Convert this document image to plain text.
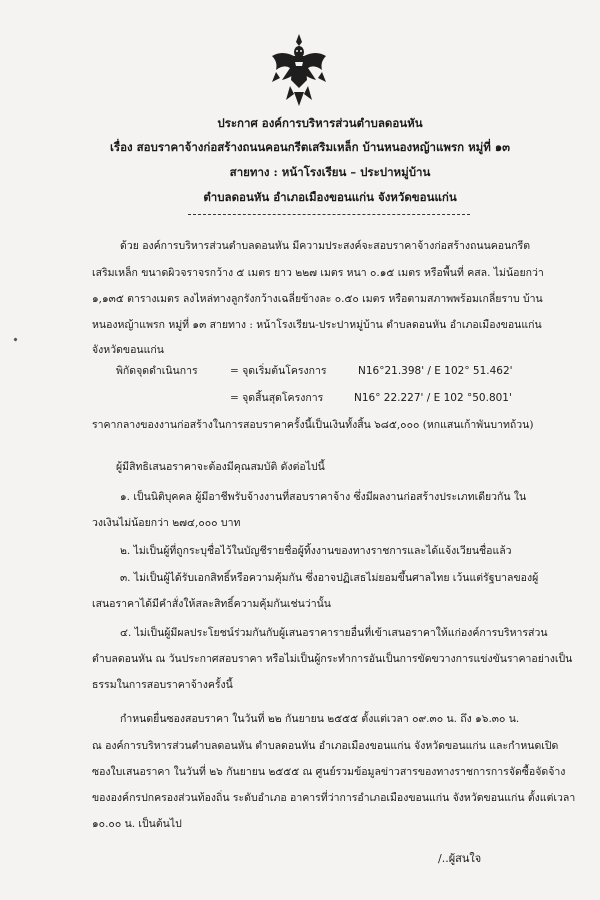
ประกาศ องค์การบริหารส่วนตำบลดอนหัน
เรื่อง สอบราคาจ้างก่อสร้างถนนคอนกรีตเสริมเหล็ก บ้านหนองหญ้าแพรก หมู่ที่ ๑๓
สายทาง : หน้าโรงเรียน – ประปาหมู่บ้าน
ตำบลดอนหัน อำเภอเมืองขอนแก่น จังหวัดขอนแก่น
ด้วย องค์การบริหารส่วนตำบลดอนหัน มีความประสงค์จะสอบราคาจ้างก่อสร้างถนนคอนกรีต
เสริมเหล็ก ขนาดผิวจราจรกว้าง ๕ เมตร ยาว ๒๒๗ เมตร หนา ๐.๑๕ เมตร หรือพื้นที่ คสล. ไม่น้อยกว่า
๑,๑๓๕ ตารางเมตร ลงไหล่ทางลูกรังกว้างเฉลี่ยข้างละ ๐.๕๐ เมตร หรือตามสภาพพร้อมเกลี่ยราบ บ้าน
หนองหญ้าแพรก หมู่ที่ ๑๓ สายทาง : หน้าโรงเรียน-ประปาหมู่บ้าน ตำบลดอนหัน อำเภอเมืองขอนแก่น
จังหวัดขอนแก่น
พิกัดจุดดำเนินการ	= จุดเริ่มต้นโครงการ	N16°21.398' / E 102° 51.462'
= จุดสิ้นสุดโครงการ	N16° 22.227' / E 102 °50.801'
ราคากลางของงานก่อสร้างในการสอบราคาครั้งนี้เป็นเงินทั้งสิ้น ๖๘๕,๐๐๐ (หกแสนเก้าพันบาทถ้วน)
ผู้มีสิทธิเสนอราคาจะต้องมีคุณสมบัติ ดังต่อไปนี้
๑. เป็นนิติบุคคล ผู้มีอาชีพรับจ้างงานที่สอบราคาจ้าง ซึ่งมีผลงานก่อสร้างประเภทเดียวกัน ใน
วงเงินไม่น้อยกว่า ๒๗๔,๐๐๐ บาท
๒. ไม่เป็นผู้ที่ถูกระบุชื่อไว้ในบัญชีรายชื่อผู้ทิ้งงานของทางราชการและได้แจ้งเวียนชื่อแล้ว
๓. ไม่เป็นผู้ได้รับเอกสิทธิ์หรือความคุ้มกัน ซึ่งอาจปฏิเสธไม่ยอมขึ้นศาลไทย เว้นแต่รัฐบาลของผู้
เสนอราคาได้มีคำสั่งให้สละสิทธิ์ความคุ้มกันเช่นว่านั้น
๔. ไม่เป็นผู้มีผลประโยชน์ร่วมกันกับผู้เสนอราคารายอื่นที่เข้าเสนอราคาให้แก่องค์การบริหารส่วน
ตำบลดอนหัน ณ วันประกาศสอบราคา หรือไม่เป็นผู้กระทำการอันเป็นการขัดขวางการแข่งขันราคาอย่างเป็น
ธรรมในการสอบราคาจ้างครั้งนี้
กำหนดยื่นซองสอบราคา ในวันที่ ๒๒ กันยายน ๒๕๕๕ ตั้งแต่เวลา ๐๙.๓๐ น. ถึง ๑๖.๓๐ น.
ณ องค์การบริหารส่วนตำบลดอนหัน ตำบลดอนหัน อำเภอเมืองขอนแก่น จังหวัดขอนแก่น และกำหนดเปิด
ซองใบเสนอราคา ในวันที่ ๒๖ กันยายน ๒๕๕๕ ณ ศูนย์รวมข้อมูลข่าวสารของทางราชการการจัดซื้อจัดจ้าง
ขององค์กรปกครองส่วนท้องถิ่น ระดับอำเภอ อาคารที่ว่าการอำเภอเมืองขอนแก่น จังหวัดขอนแก่น ตั้งแต่เวลา
๑๐.๐๐ น. เป็นต้นไป
/..ผู้สนใจ
